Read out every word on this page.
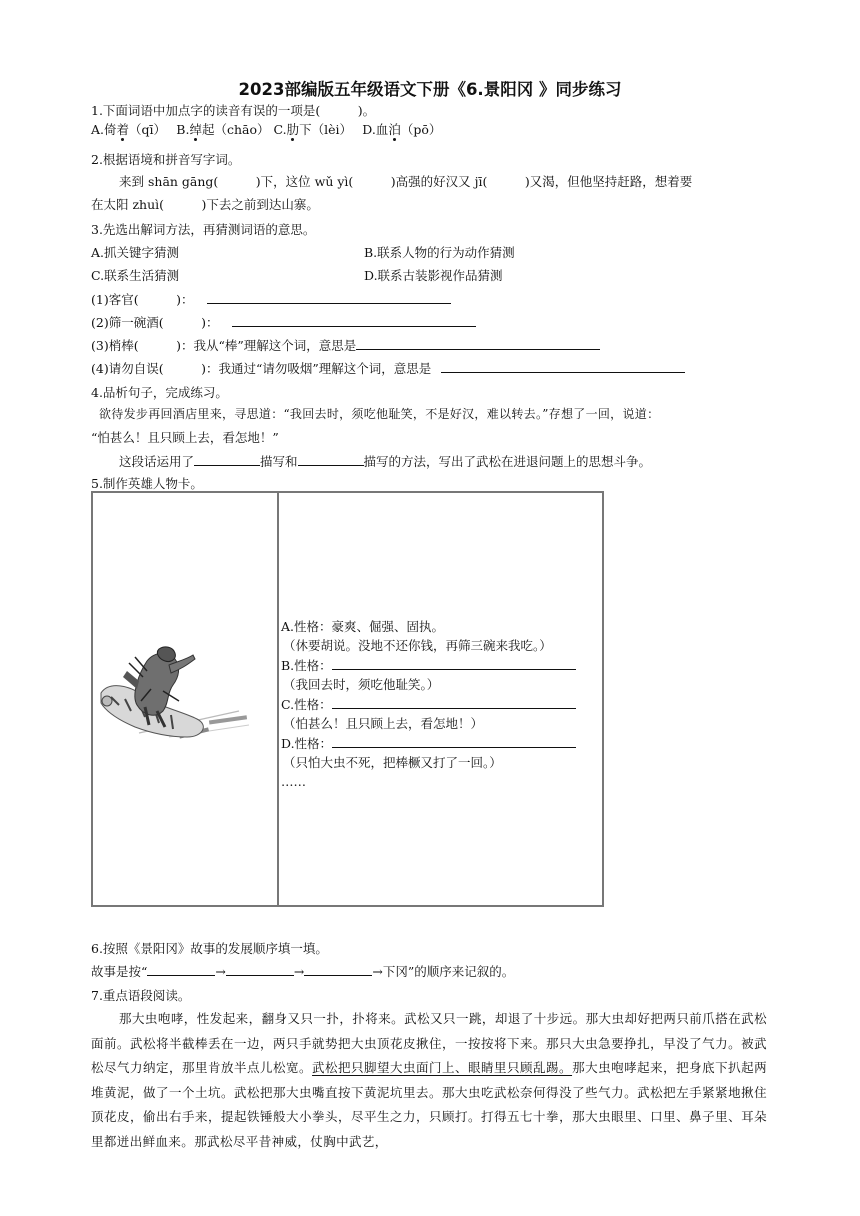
2023部编版五年级语文下册《6.景阳冈 》同步练习
1.下面词语中加点字的读音有误的一项是(　　　)。
A.倚着（qī）　 B.绰起（chāo） C.肋下（lèi）　 D.血泊（pō）
2.根据语境和拼音写字词。
来到 shān gāng(　　　)下，这位 wǔ yì(　　　)高强的好汉又 jī(　　　)又渴，但他坚持赶路，想着要
在太阳 zhuì(　　　)下去之前到达山寨。
3.先选出解词方法，再猜测词语的意思。
A.抓关键字猜测	B.联系人物的行为动作猜测
C.联系生活猜测	D.联系古装影视作品猜测
(1)客官(　　　)：
(2)筛一碗酒(　　　)：
(3)梢棒(　　　)：我从“棒”理解这个词，意思是
(4)请勿自误(　　　)：我通过“请勿吸烟”理解这个词，意思是
4.品析句子，完成练习。
欲待发步再回酒店里来，寻思道：“我回去时，须吃他耻笑，不是好汉，难以转去。”存想了一回，说道：
“怕甚么！且只顾上去，看怎地！”
这段话运用了	描写和	描写的方法，写出了武松在进退问题上的思想斗争。
5.制作英雄人物卡。
A.性格：豪爽、倔强、固执。
（休要胡说。没地不还你钱，再筛三碗来我吃。）
B.性格：
（我回去时，须吃他耻笑。）
C.性格：
（怕甚么！且只顾上去，看怎地！）
D.性格：
（只怕大虫不死，把棒橛又打了一回。）
……
6.按照《景阳冈》故事的发展顺序填一填。
故事是按“	→	→	→下冈”的顺序来记叙的。
7.重点语段阅读。
那大虫咆哮，性发起来，翻身又只一扑，扑将来。武松又只一跳，却退了十步远。那大虫却好把两只前爪搭在武松面前。武松将半截棒丢在一边，两只手就势把大虫顶花皮揪住，一按按将下来。那只大虫急要挣扎，早没了气力。被武松尽气力纳定，那里肯放半点儿松宽。武松把只脚望大虫面门上、眼睛里只顾乱踢。那大虫咆哮起来，把身底下扒起两堆黄泥，做了一个土坑。武松把那大虫嘴直按下黄泥坑里去。那大虫吃武松奈何得没了些气力。武松把左手紧紧地揪住顶花皮，偷出右手来，提起铁锤般大小拳头，尽平生之力，只顾打。打得五七十拳，那大虫眼里、口里、鼻子里、耳朵里都迸出鲜血来。那武松尽平昔神威，仗胸中武艺，
